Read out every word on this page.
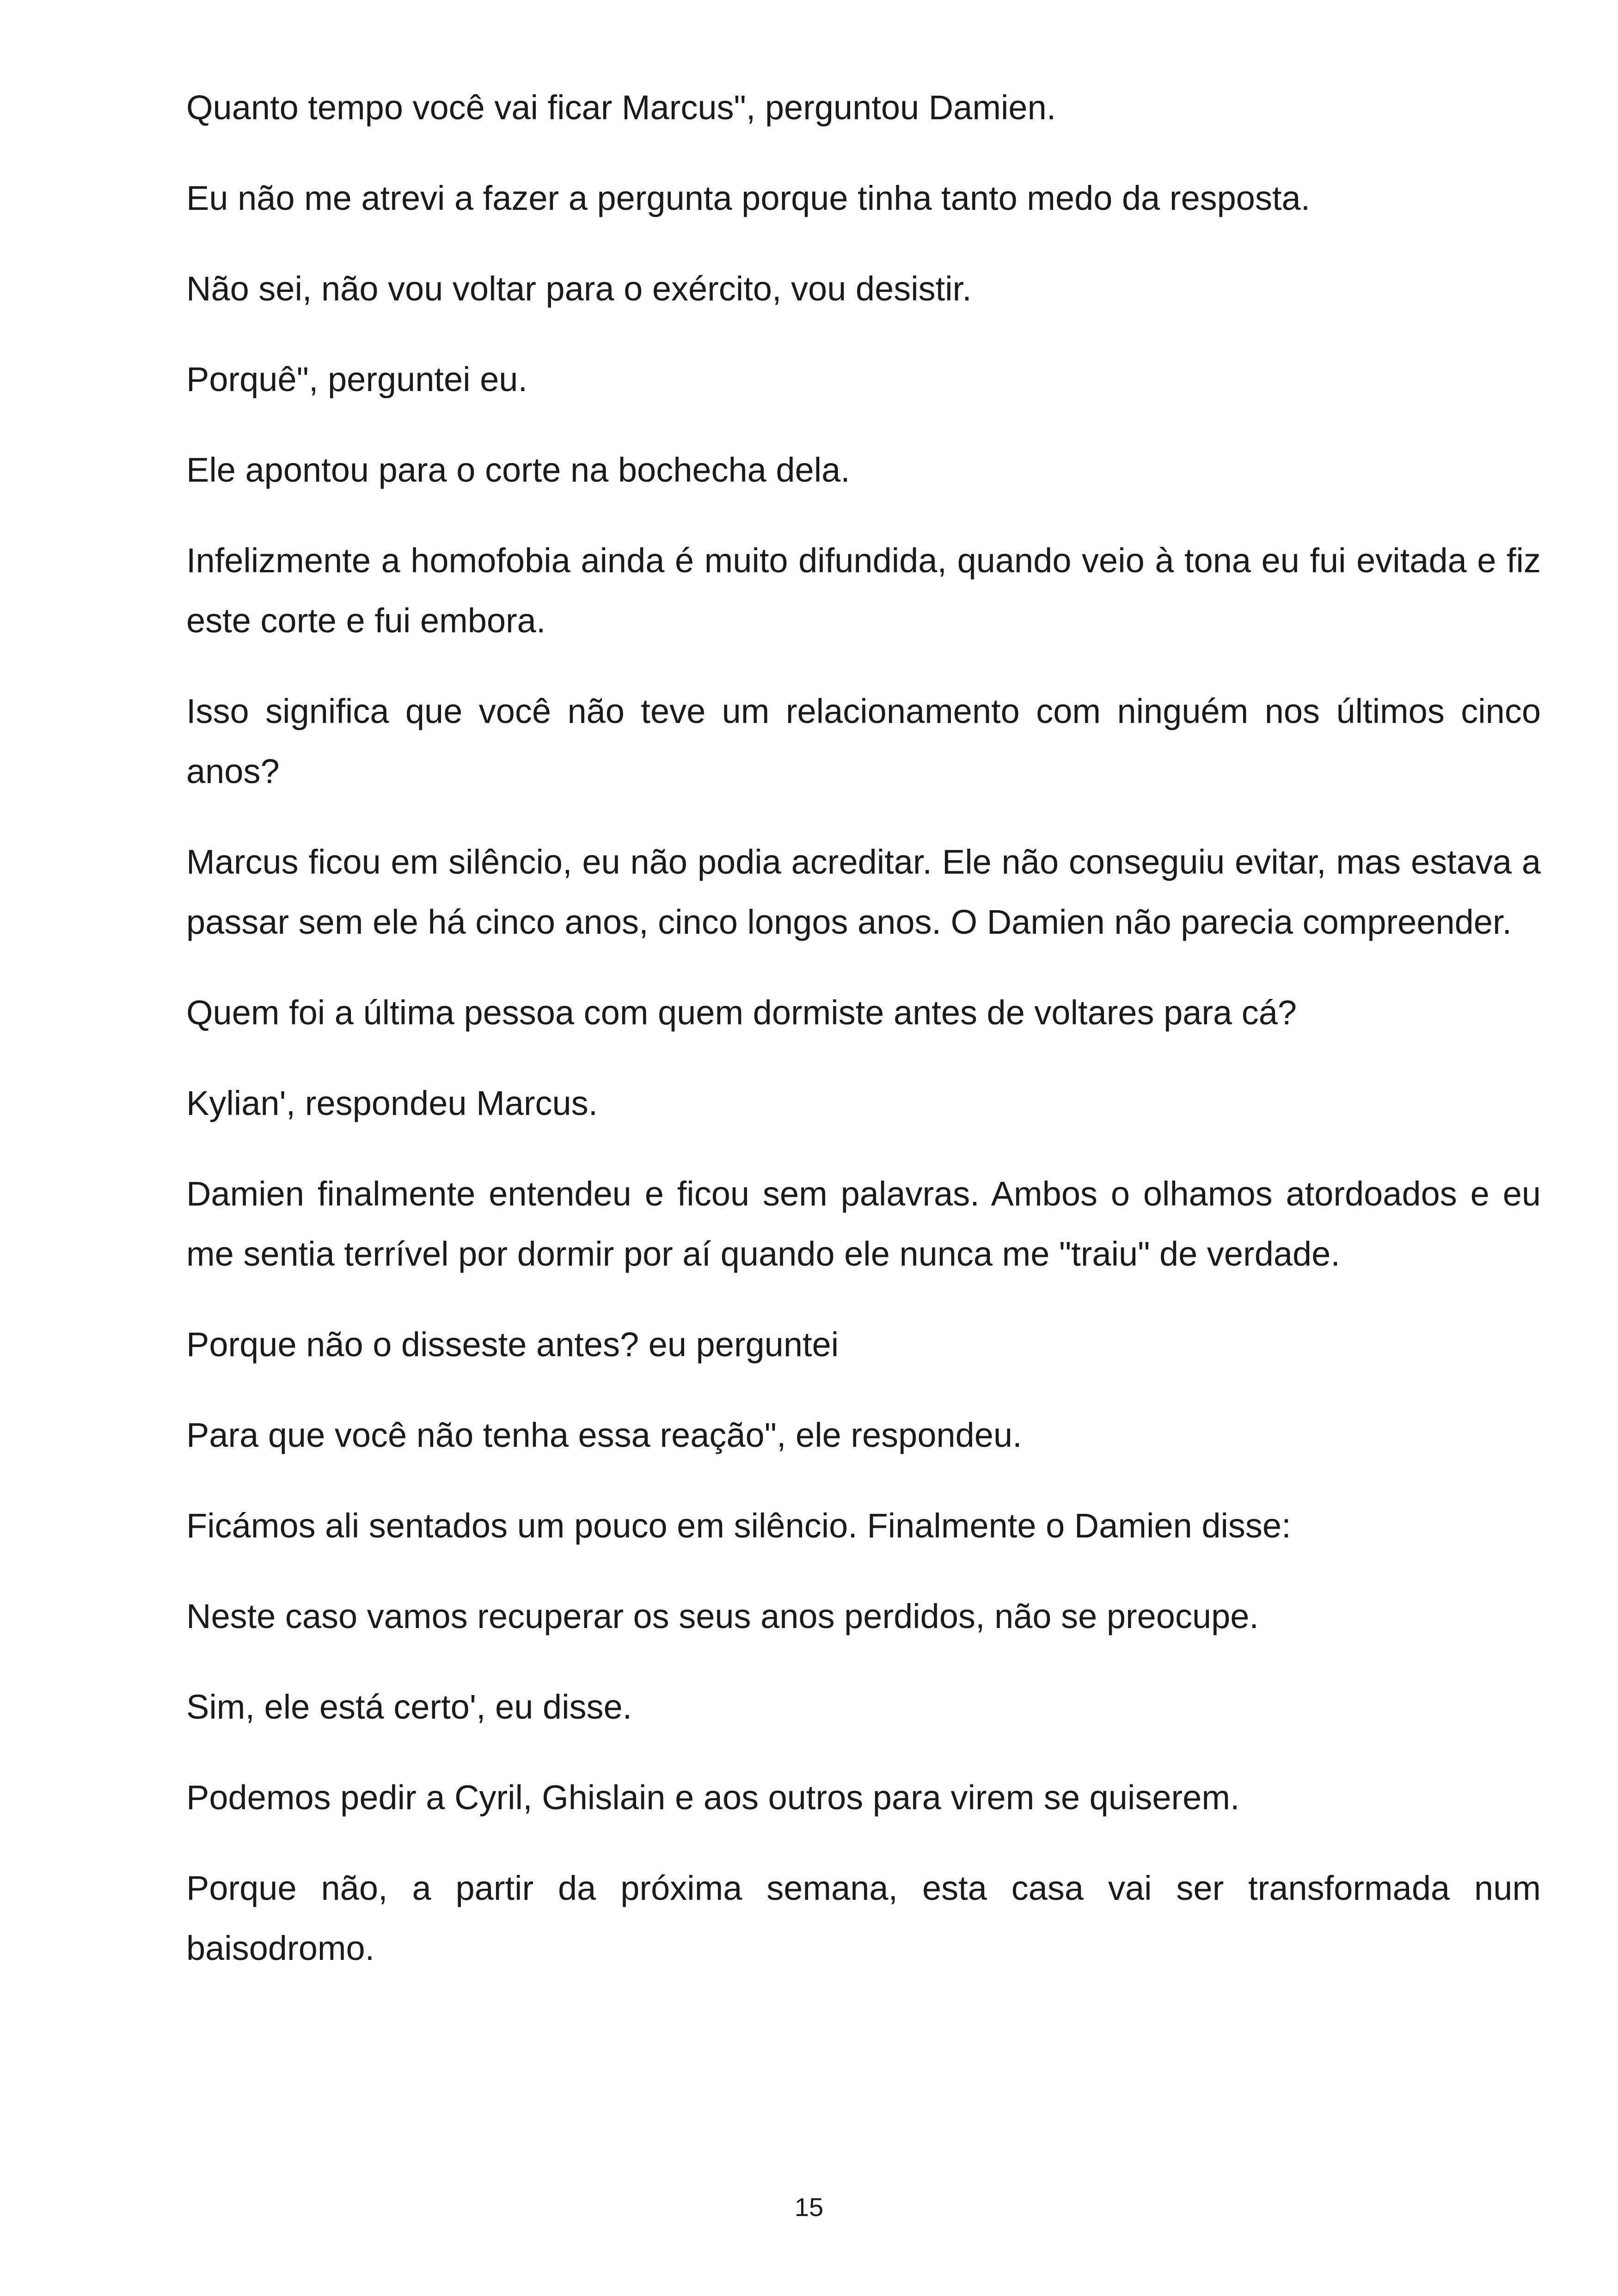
Quanto tempo você vai ficar Marcus", perguntou Damien.

Eu não me atrevi a fazer a pergunta porque tinha tanto medo da resposta.

Não sei, não vou voltar para o exército, vou desistir.

Porquê", perguntei eu.

Ele apontou para o corte na bochecha dela.

Infelizmente a homofobia ainda é muito difundida, quando veio à tona eu fui evitada e fiz este corte e fui embora.

Isso significa que você não teve um relacionamento com ninguém nos últimos cinco anos?

Marcus ficou em silêncio, eu não podia acreditar. Ele não conseguiu evitar, mas estava a passar sem ele há cinco anos, cinco longos anos. O Damien não parecia compreender.

Quem foi a última pessoa com quem dormiste antes de voltares para cá?

Kylian', respondeu Marcus.

Damien finalmente entendeu e ficou sem palavras. Ambos o olhamos atordoados e eu me sentia terrível por dormir por aí quando ele nunca me "traiu" de verdade.

Porque não o disseste antes? eu perguntei

Para que você não tenha essa reação", ele respondeu.

Ficámos ali sentados um pouco em silêncio. Finalmente o Damien disse:

Neste caso vamos recuperar os seus anos perdidos, não se preocupe.

Sim, ele está certo', eu disse.

Podemos pedir a Cyril, Ghislain e aos outros para virem se quiserem.

Porque não, a partir da próxima semana, esta casa vai ser transformada num baisodromo.

15
